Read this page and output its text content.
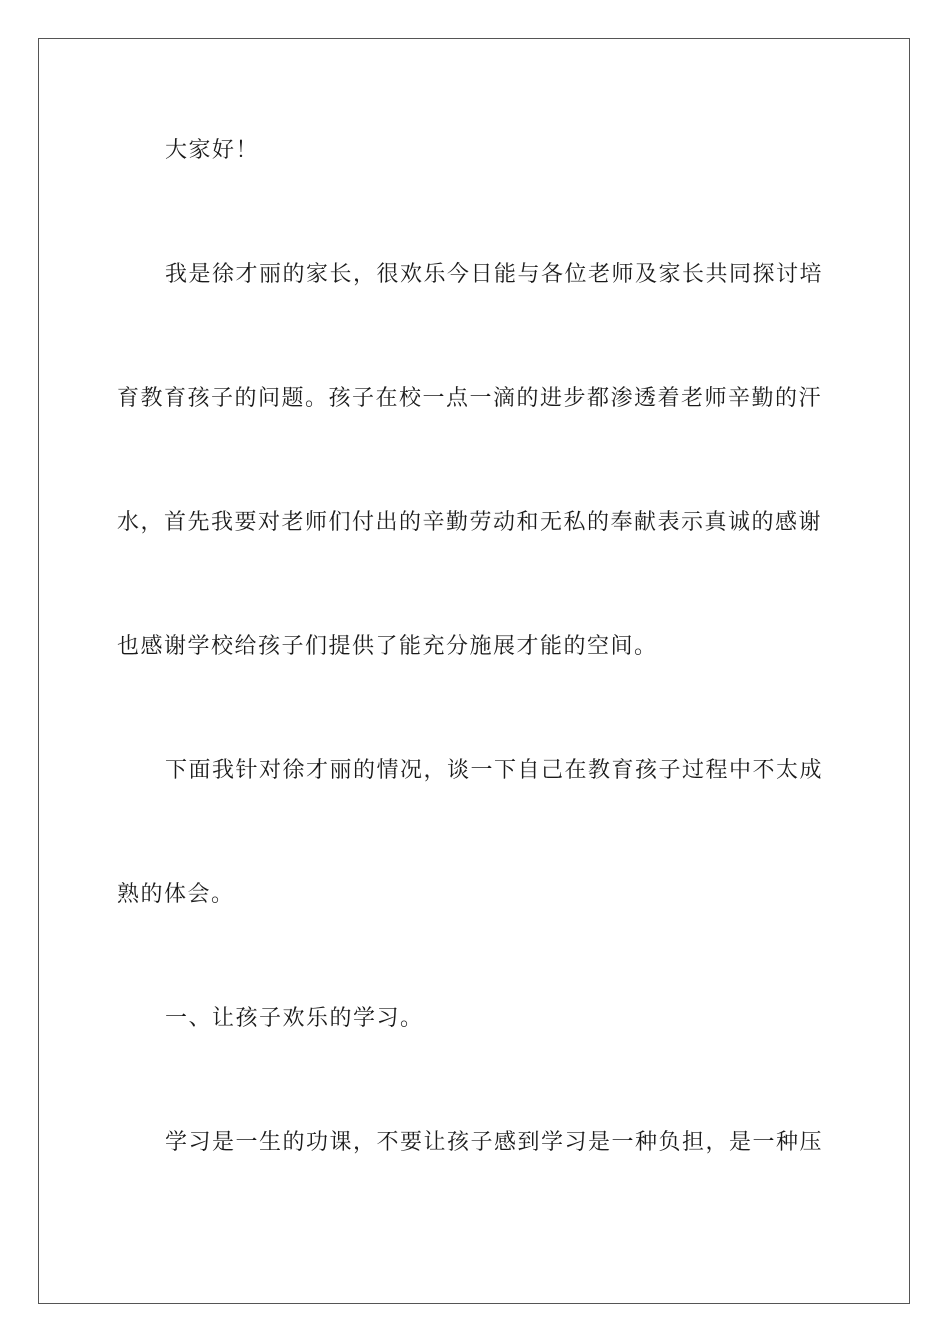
大家好！
我是徐才丽的家长，很欢乐今日能与各位老师及家长共同探讨培
育教育孩子的问题。孩子在校一点一滴的进步都渗透着老师辛勤的汗
水，首先我要对老师们付出的辛勤劳动和无私的奉献表示真诚的感谢
也感谢学校给孩子们提供了能充分施展才能的空间。
下面我针对徐才丽的情况，谈一下自己在教育孩子过程中不太成
熟的体会。
一、让孩子欢乐的学习。
学习是一生的功课，不要让孩子感到学习是一种负担，是一种压
